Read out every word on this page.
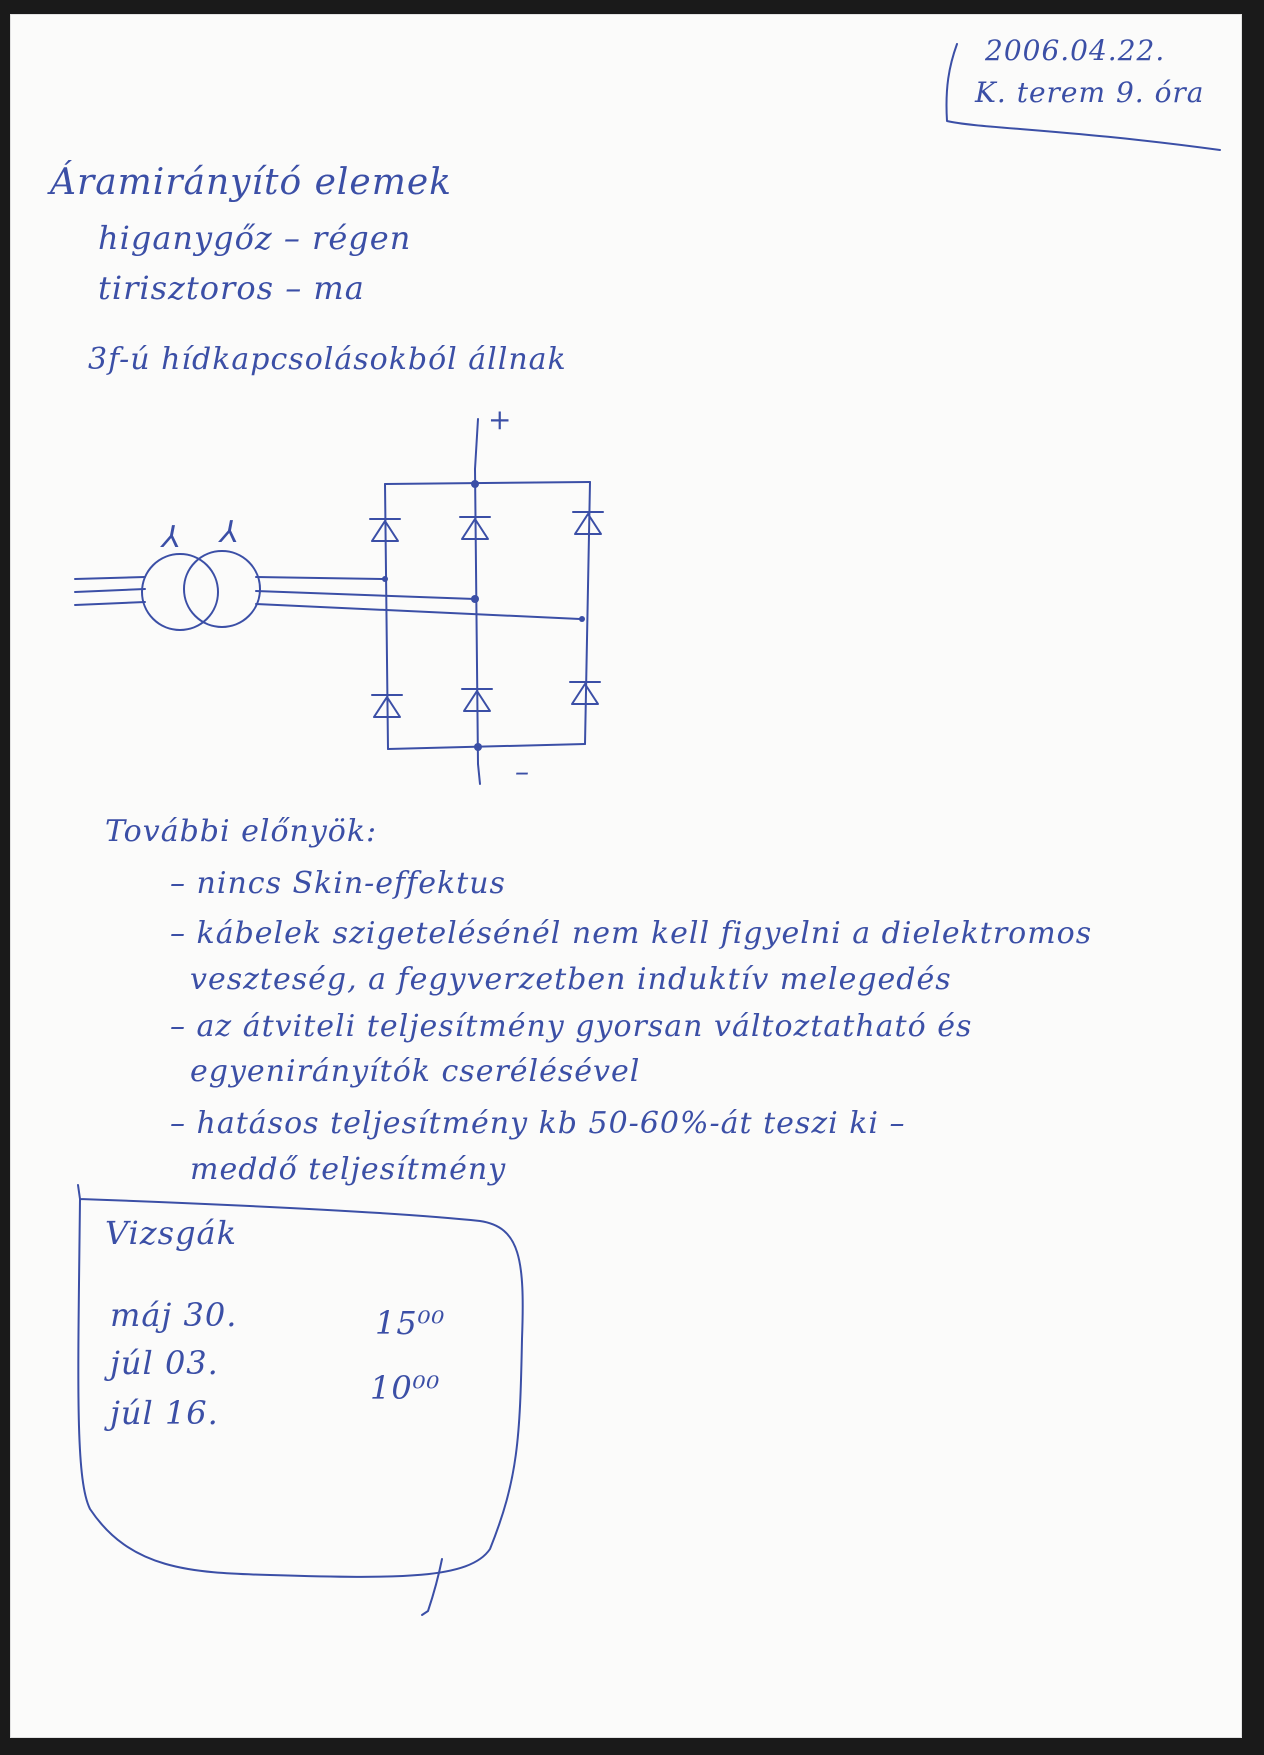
2006.04.22.
K. terem 9. óra
Áramirányító elemek
higanygőz – régen
tirisztoros – ma
3f-ú hídkapcsolásokból állnak
⅄ ⅄
+
–
További előnyök:
– nincs Skin-effektus
– kábelek szigetelésénél nem kell figyelni a dielektromos
veszteség, a fegyverzetben induktív melegedés
– az átviteli teljesítmény gyorsan változtatható és
egyenirányítók cserélésével
– hatásos teljesítmény kb 50-60%-át teszi ki –
meddő teljesítmény
Vizsgák
máj 30.	15⁰⁰
júl 03.
10⁰⁰
júl 16.
